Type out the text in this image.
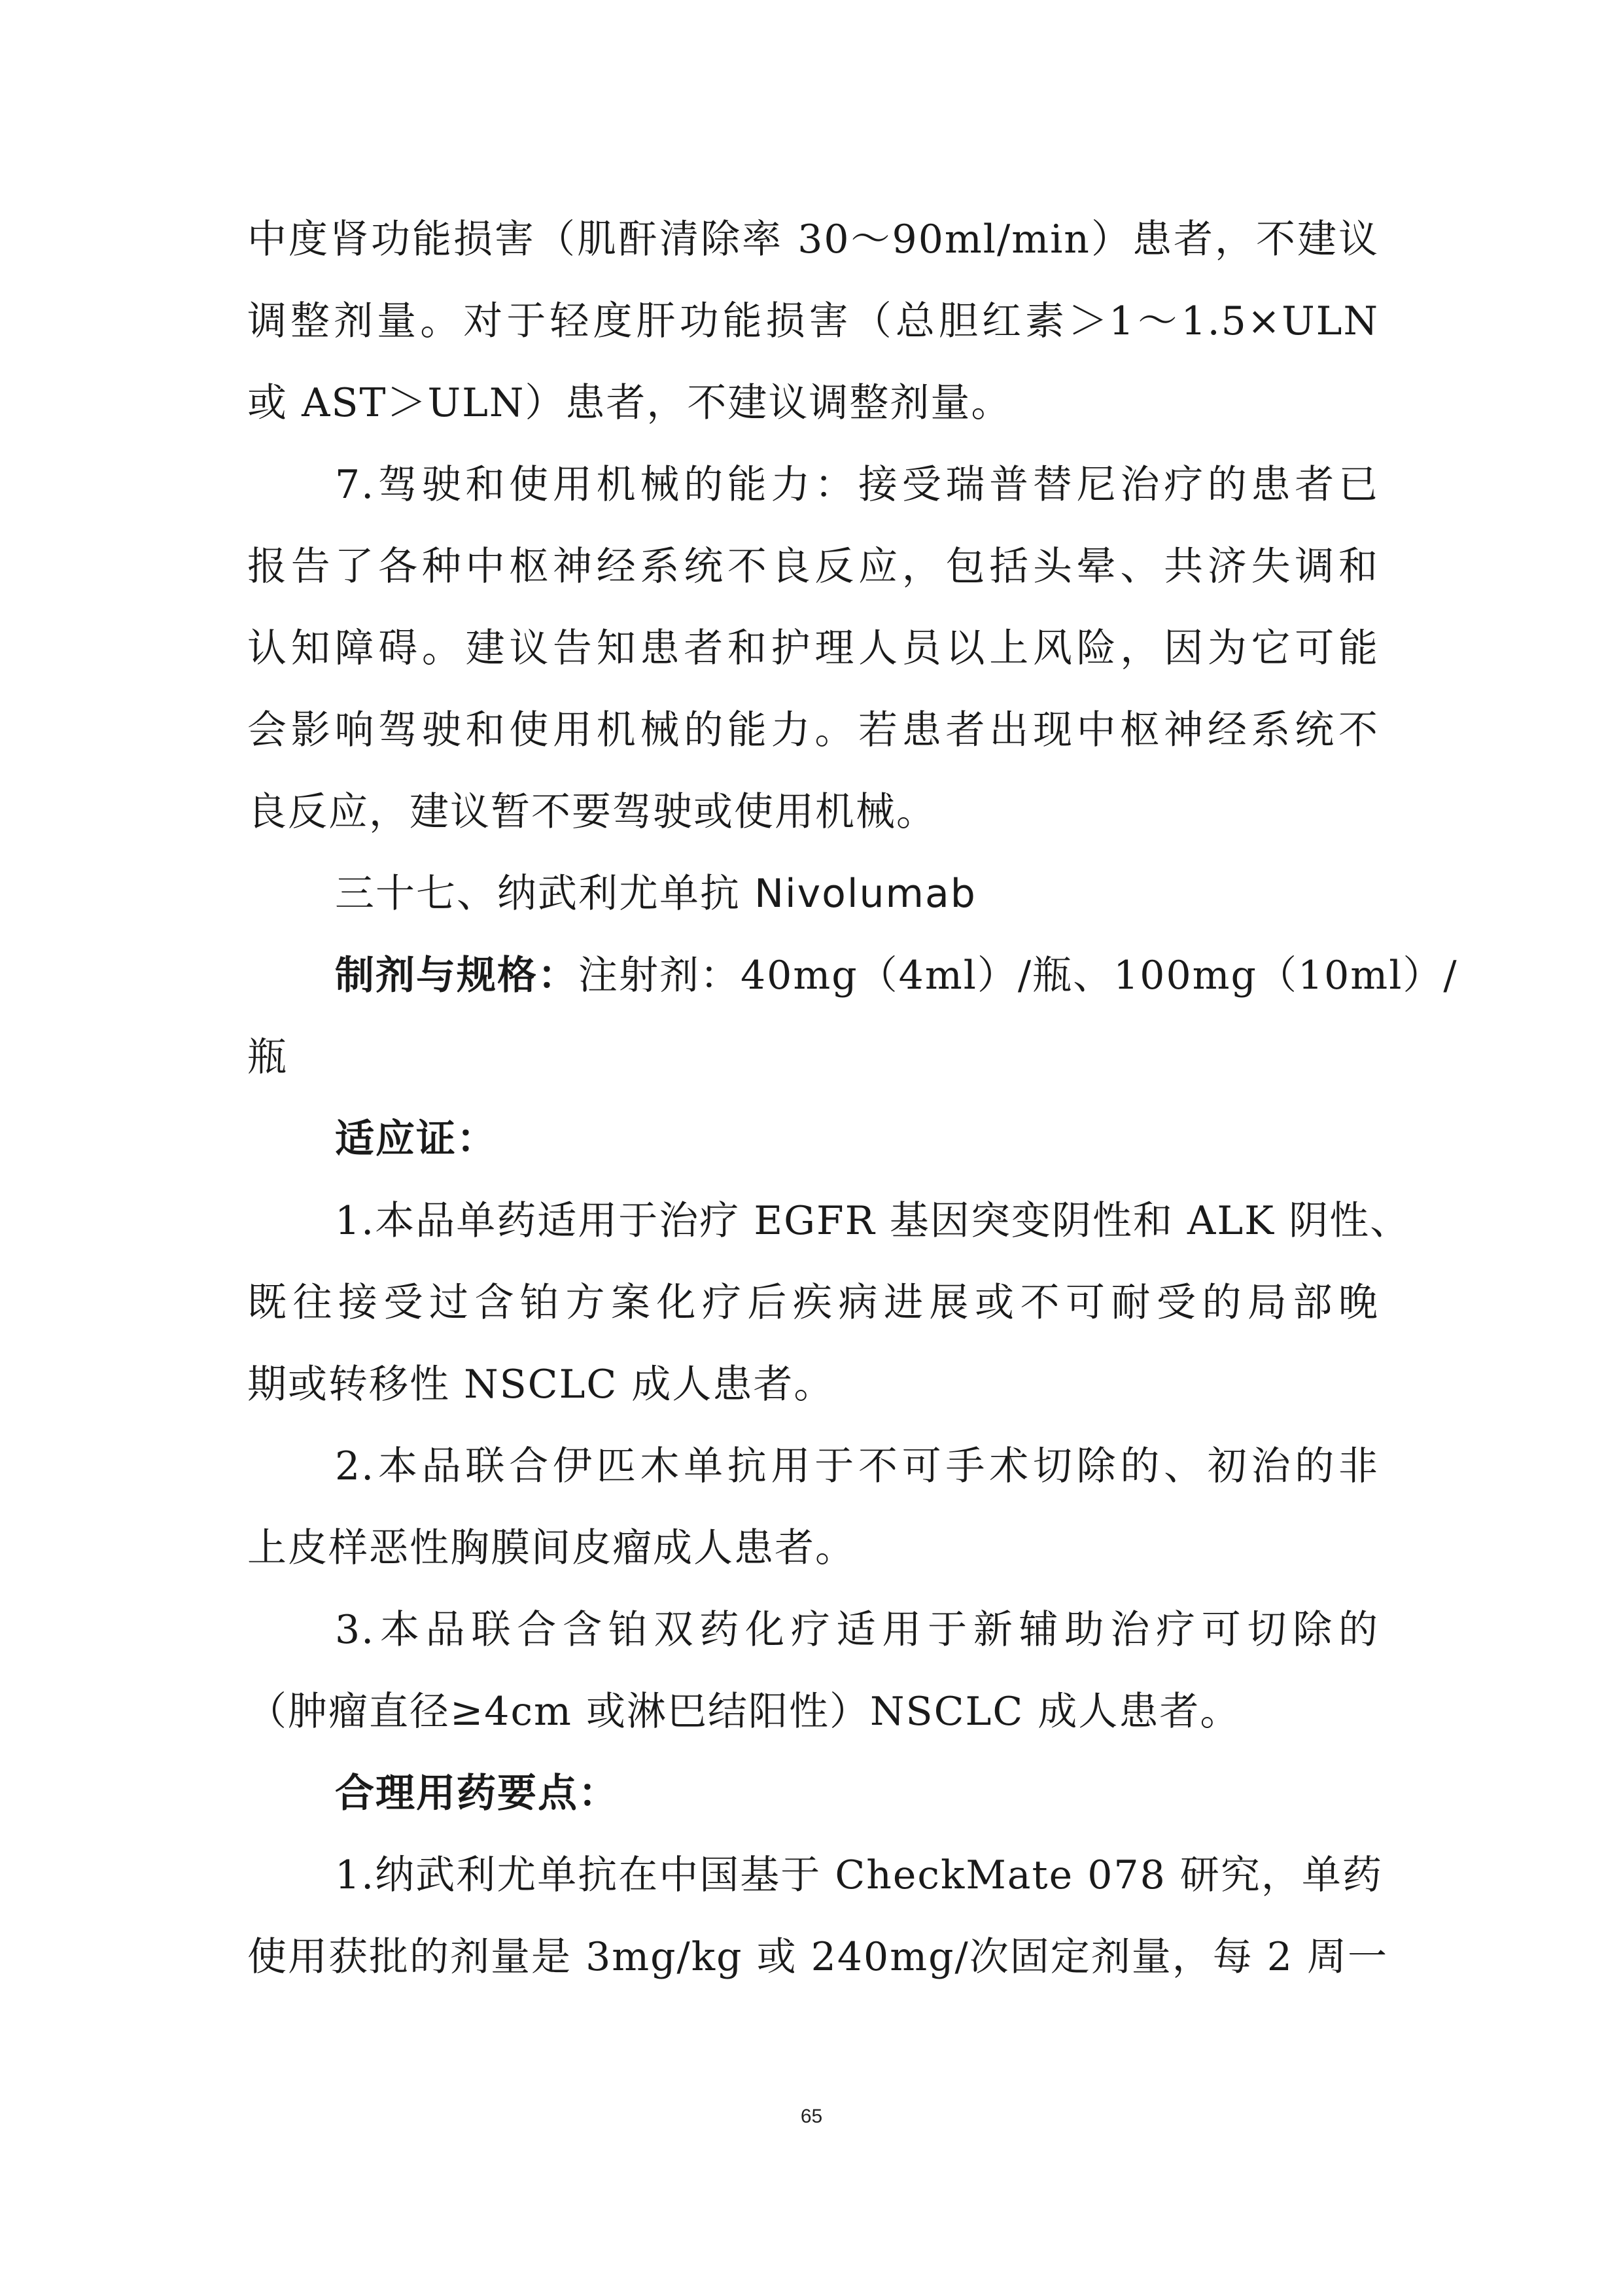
中度肾功能损害（肌酐清除率 30～90ml/min）患者，不建议
调整剂量。对于轻度肝功能损害（总胆红素＞1～1.5×ULN
或 AST＞ULN）患者，不建议调整剂量。
7.驾驶和使用机械的能力：接受瑞普替尼治疗的患者已
报告了各种中枢神经系统不良反应，包括头晕、共济失调和
认知障碍。建议告知患者和护理人员以上风险，因为它可能
会影响驾驶和使用机械的能力。若患者出现中枢神经系统不
良反应，建议暂不要驾驶或使用机械。
三十七、纳武利尤单抗 Nivolumab
制剂与规格：注射剂：40mg（4ml）/瓶、100mg（10ml）/
瓶
适应证：
1.本品单药适用于治疗 EGFR 基因突变阴性和 ALK 阴性、
既往接受过含铂方案化疗后疾病进展或不可耐受的局部晚
期或转移性 NSCLC 成人患者。
2.本品联合伊匹木单抗用于不可手术切除的、初治的非
上皮样恶性胸膜间皮瘤成人患者。
3.本品联合含铂双药化疗适用于新辅助治疗可切除的
（肿瘤直径≥4cm 或淋巴结阳性）NSCLC 成人患者。
合理用药要点：
1.纳武利尤单抗在中国基于 CheckMate 078 研究，单药
使用获批的剂量是 3mg/kg 或 240mg/次固定剂量，每 2 周一
65
